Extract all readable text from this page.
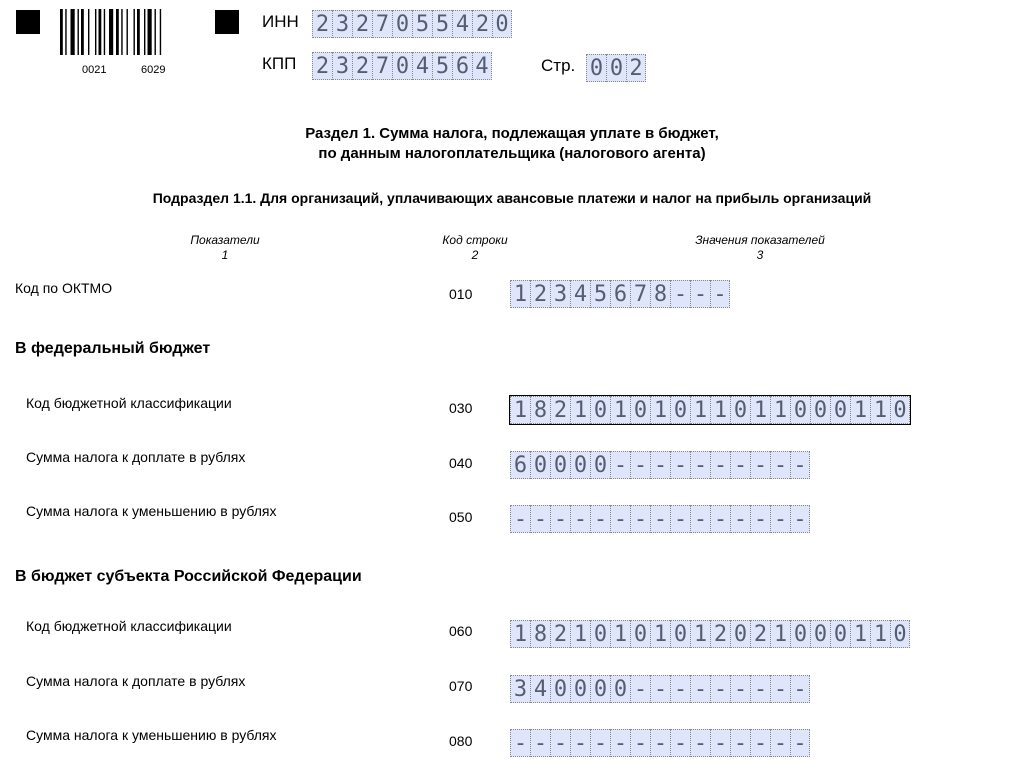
0021	6029
ИНН 2 3 2 7 0 5 5 4 2 0
КПП 2 3 2 7 0 4 5 6 4	Стр. 0 0 2
Раздел 1. Сумма налога, подлежащая уплате в бюджет,
по данным налогоплательщика (налогового агента)
Подраздел 1.1. Для организаций, уплачивающих авансовые платежи и налог на прибыль организаций
Показатели
1
Код строки
2
Значения показателей
3
Код по ОКТМО	010 1 2 3 4 5 6 7 8 - - -
В федеральный бюджет
Код бюджетной классификации	030 1 8 2 1 0 1 0 1 0 1 1 0 1 1 0 0 0 1 1 0
Сумма налога к доплате в рублях	040 6 0 0 0 0 - - - - - - - - - -
Сумма налога к уменьшению в рублях	050 - - - - - - - - - - - - - - -
В бюджет субъекта Российской Федерации
Код бюджетной классификации	060 1 8 2 1 0 1 0 1 0 1 2 0 2 1 0 0 0 1 1 0
Сумма налога к доплате в рублях	070 3 4 0 0 0 0 - - - - - - - - -
Сумма налога к уменьшению в рублях	080 - - - - - - - - - - - - - - -
